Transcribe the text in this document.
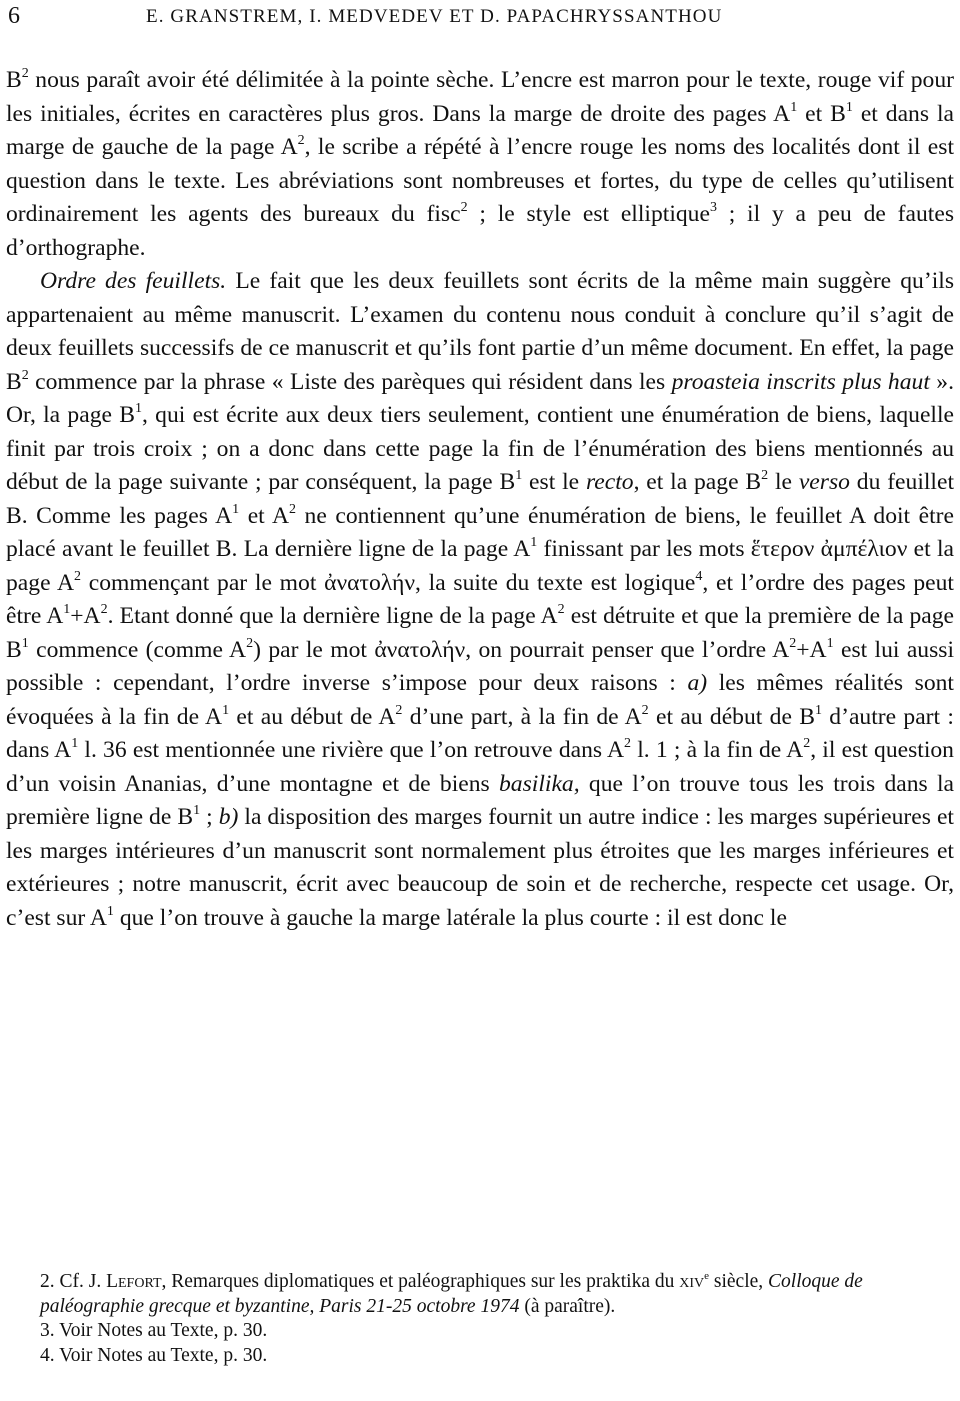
6	E. GRANSTREM, I. MEDVEDEV ET D. PAPACHRYSSANTHOU

$B^2$ nous paraît avoir été délimitée à la pointe sèche. L’encre est marron pour le texte, rouge vif pour les initiales, écrites en caractères plus gros. Dans la marge de droite des pages $A^1$ et $B^1$ et dans la marge de gauche de la page $A^2$, le scribe a répété à l’encre rouge les noms des localités dont il est question dans le texte. Les abréviations sont nombreuses et fortes, du type de celles qu’utilisent ordinairement les agents des bureaux du fisc$^2$ ; le style est elliptique$^3$ ; il y a peu de fautes d’orthographe.

Ordre des feuillets. Le fait que les deux feuillets sont écrits de la même main suggère qu’ils appartenaient au même manuscrit. L’examen du contenu nous conduit à conclure qu’il s’agit de deux feuillets successifs de ce manuscrit et qu’ils font partie d’un même document. En effet, la page $B^2$ commence par la phrase « Liste des parèques qui résident dans les proasteia inscrits plus haut ». Or, la page $B^1$, qui est écrite aux deux tiers seulement, contient une énumération de biens, laquelle finit par trois croix ; on a donc dans cette page la fin de l’énumération des biens mentionnés au début de la page suivante ; par conséquent, la page $B^1$ est le recto, et la page $B^2$ le verso du feuillet B. Comme les pages $A^1$ et $A^2$ ne contiennent qu’une énumération de biens, le feuillet A doit être placé avant le feuillet B. La dernière ligne de la page $A^1$ finissant par les mots ἕτερον ἀμπέλιον et la page $A^2$ commençant par le mot ἀνατολήν, la suite du texte est logique$^4$, et l’ordre des pages peut être $A^1+A^2$. Etant donné que la dernière ligne de la page $A^2$ est détruite et que la première de la page $B^1$ commence (comme $A^2$) par le mot ἀνατολήν, on pourrait penser que l’ordre $A^2+A^1$ est lui aussi possible : cependant, l’ordre inverse s’impose pour deux raisons : a) les mêmes réalités sont évoquées à la fin de $A^1$ et au début de $A^2$ d’une part, à la fin de $A^2$ et au début de $B^1$ d’autre part : dans $A^1$ l. 36 est mentionnée une rivière que l’on retrouve dans $A^2$ l. 1 ; à la fin de $A^2$, il est question d’un voisin Ananias, d’une montagne et de biens basilika, que l’on trouve tous les trois dans la première ligne de $B^1$ ; b) la disposition des marges fournit un autre indice : les marges supérieures et les marges intérieures d’un manuscrit sont normalement plus étroites que les marges inférieures et extérieures ; notre manuscrit, écrit avec beaucoup de soin et de recherche, respecte cet usage. Or, c’est sur $A^1$ que l’on trouve à gauche la marge latérale la plus courte : il est donc le

2. Cf. J. Lefort, Remarques diplomatiques et paléographiques sur les praktika du xiv$^e$ siècle, Colloque de paléographie grecque et byzantine, Paris 21-25 octobre 1974 (à paraître).

3. Voir Notes au Texte, p. 30.

4. Voir Notes au Texte, p. 30.
